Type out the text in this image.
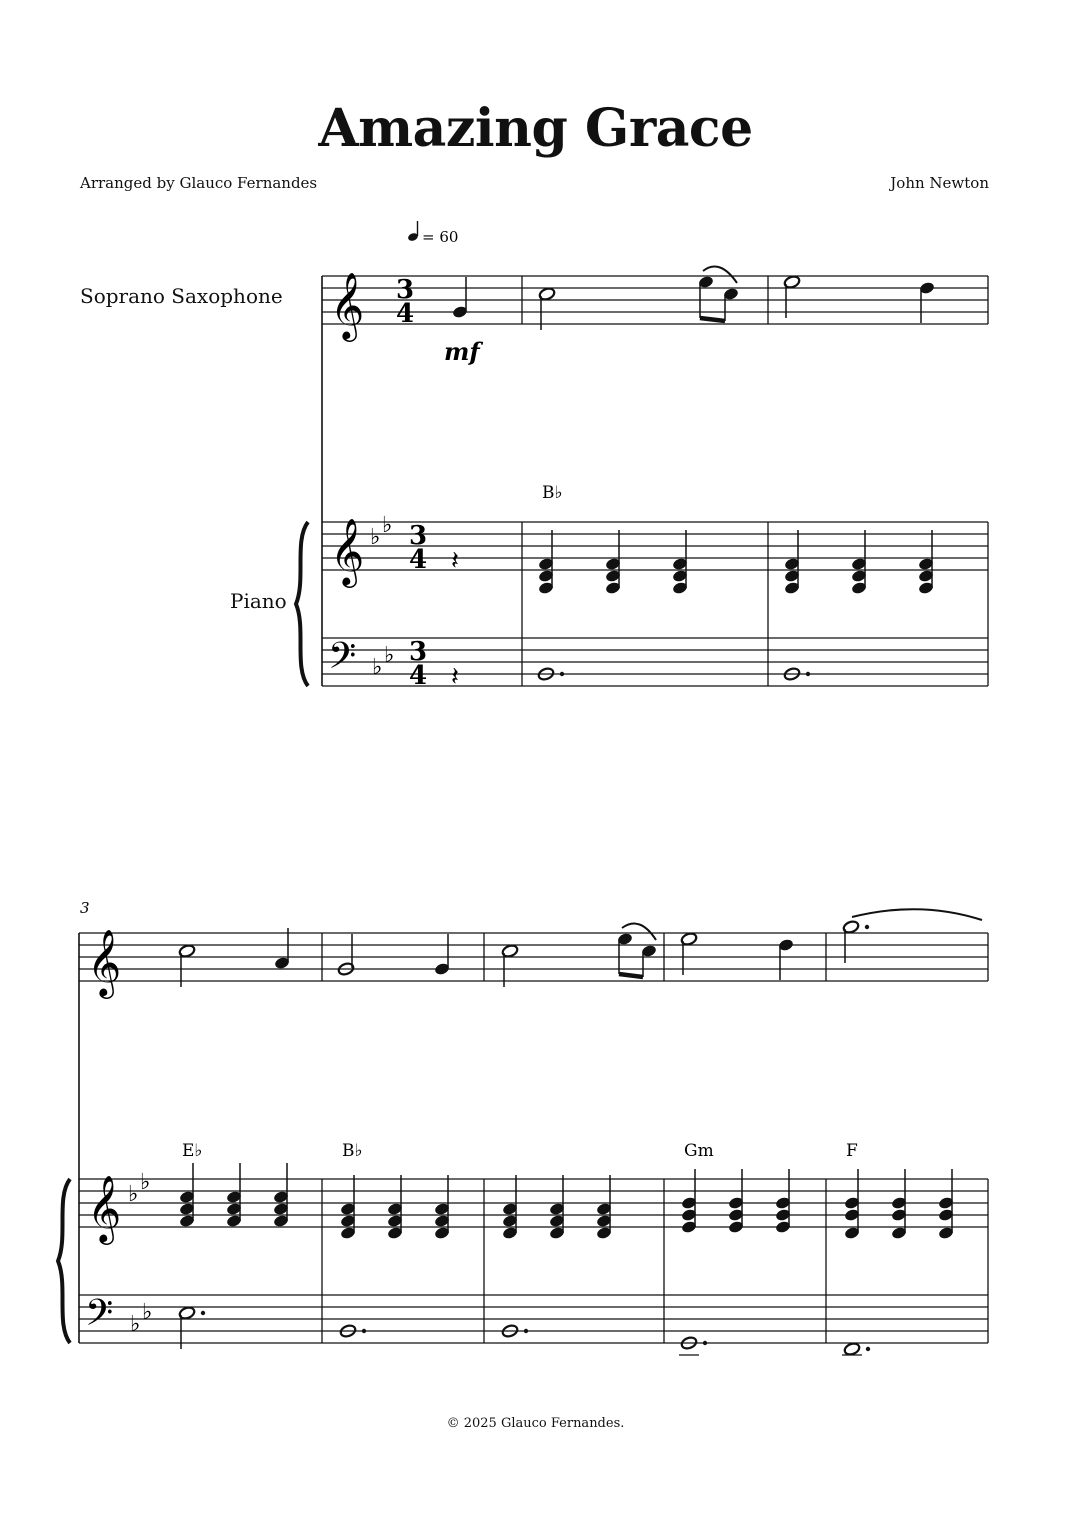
Amazing Grace
Arranged by Glauco Fernandes	John Newton
Soprano Saxophone
Piano
© 2025 Glauco Fernandes.
= 60
𝄞 3
4
mf
𝄞 ♭ ♭ 3
4 𝄽
B♭
𝄢 ♭ ♭ 3
4 𝄽
3
𝄞
𝄞 ♭ ♭
E♭	B♭	Gm	F
𝄢 ♭ ♭
